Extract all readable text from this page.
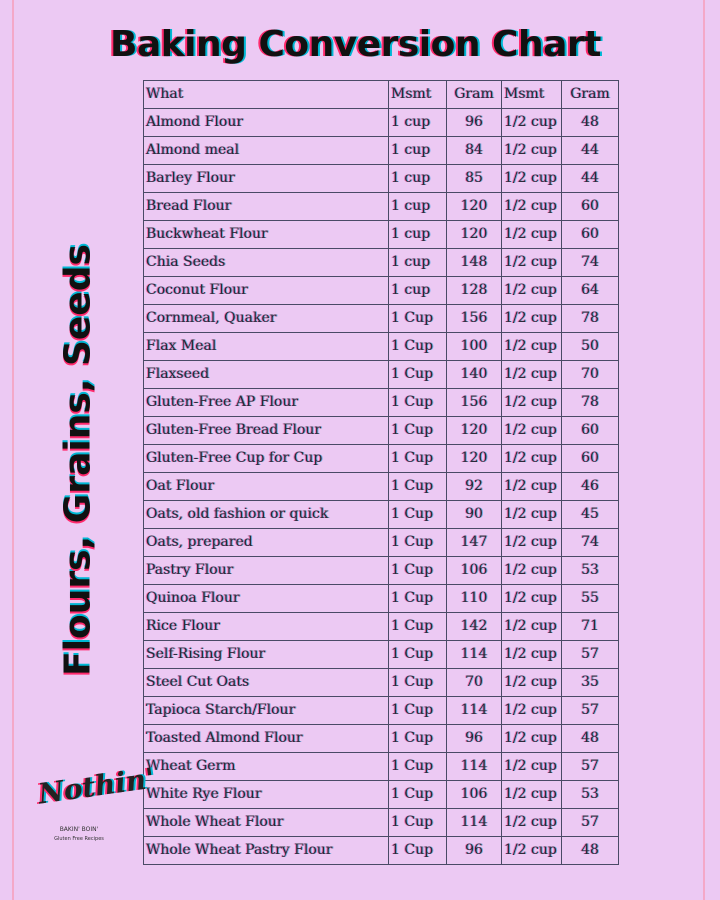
Baking Conversion Chart
Flours, Grains, Seeds
What	Msmt	Gram	Msmt	Gram
Almond Flour	1 cup	96	1/2 cup	48
Almond meal	1 cup	84	1/2 cup	44
Barley Flour	1 cup	85	1/2 cup	44
Bread Flour	1 cup	120	1/2 cup	60
Buckwheat Flour	1 cup	120	1/2 cup	60
Chia Seeds	1 cup	148	1/2 cup	74
Coconut Flour	1 cup	128	1/2 cup	64
Cornmeal, Quaker	1 Cup	156	1/2 cup	78
Flax Meal	1 Cup	100	1/2 cup	50
Flaxseed	1 Cup	140	1/2 cup	70
Gluten-Free AP Flour	1 Cup	156	1/2 cup	78
Gluten-Free Bread Flour	1 Cup	120	1/2 cup	60
Gluten-Free Cup for Cup	1 Cup	120	1/2 cup	60
Oat Flour	1 Cup	92	1/2 cup	46
Oats, old fashion or quick	1 Cup	90	1/2 cup	45
Oats, prepared	1 Cup	147	1/2 cup	74
Pastry Flour	1 Cup	106	1/2 cup	53
Quinoa Flour	1 Cup	110	1/2 cup	55
Rice Flour	1 Cup	142	1/2 cup	71
Self-Rising Flour	1 Cup	114	1/2 cup	57
Steel Cut Oats	1 Cup	70	1/2 cup	35
Tapioca Starch/Flour	1 Cup	114	1/2 cup	57
Toasted Almond Flour	1 Cup	96	1/2 cup	48
Wheat Germ	1 Cup	114	1/2 cup	57
White Rye Flour	1 Cup	106	1/2 cup	53
Whole Wheat Flour	1 Cup	114	1/2 cup	57
Whole Wheat Pastry Flour	1 Cup	96	1/2 cup	48
Nothin'
BAKIN' BOIN'
Gluten Free Recipes
